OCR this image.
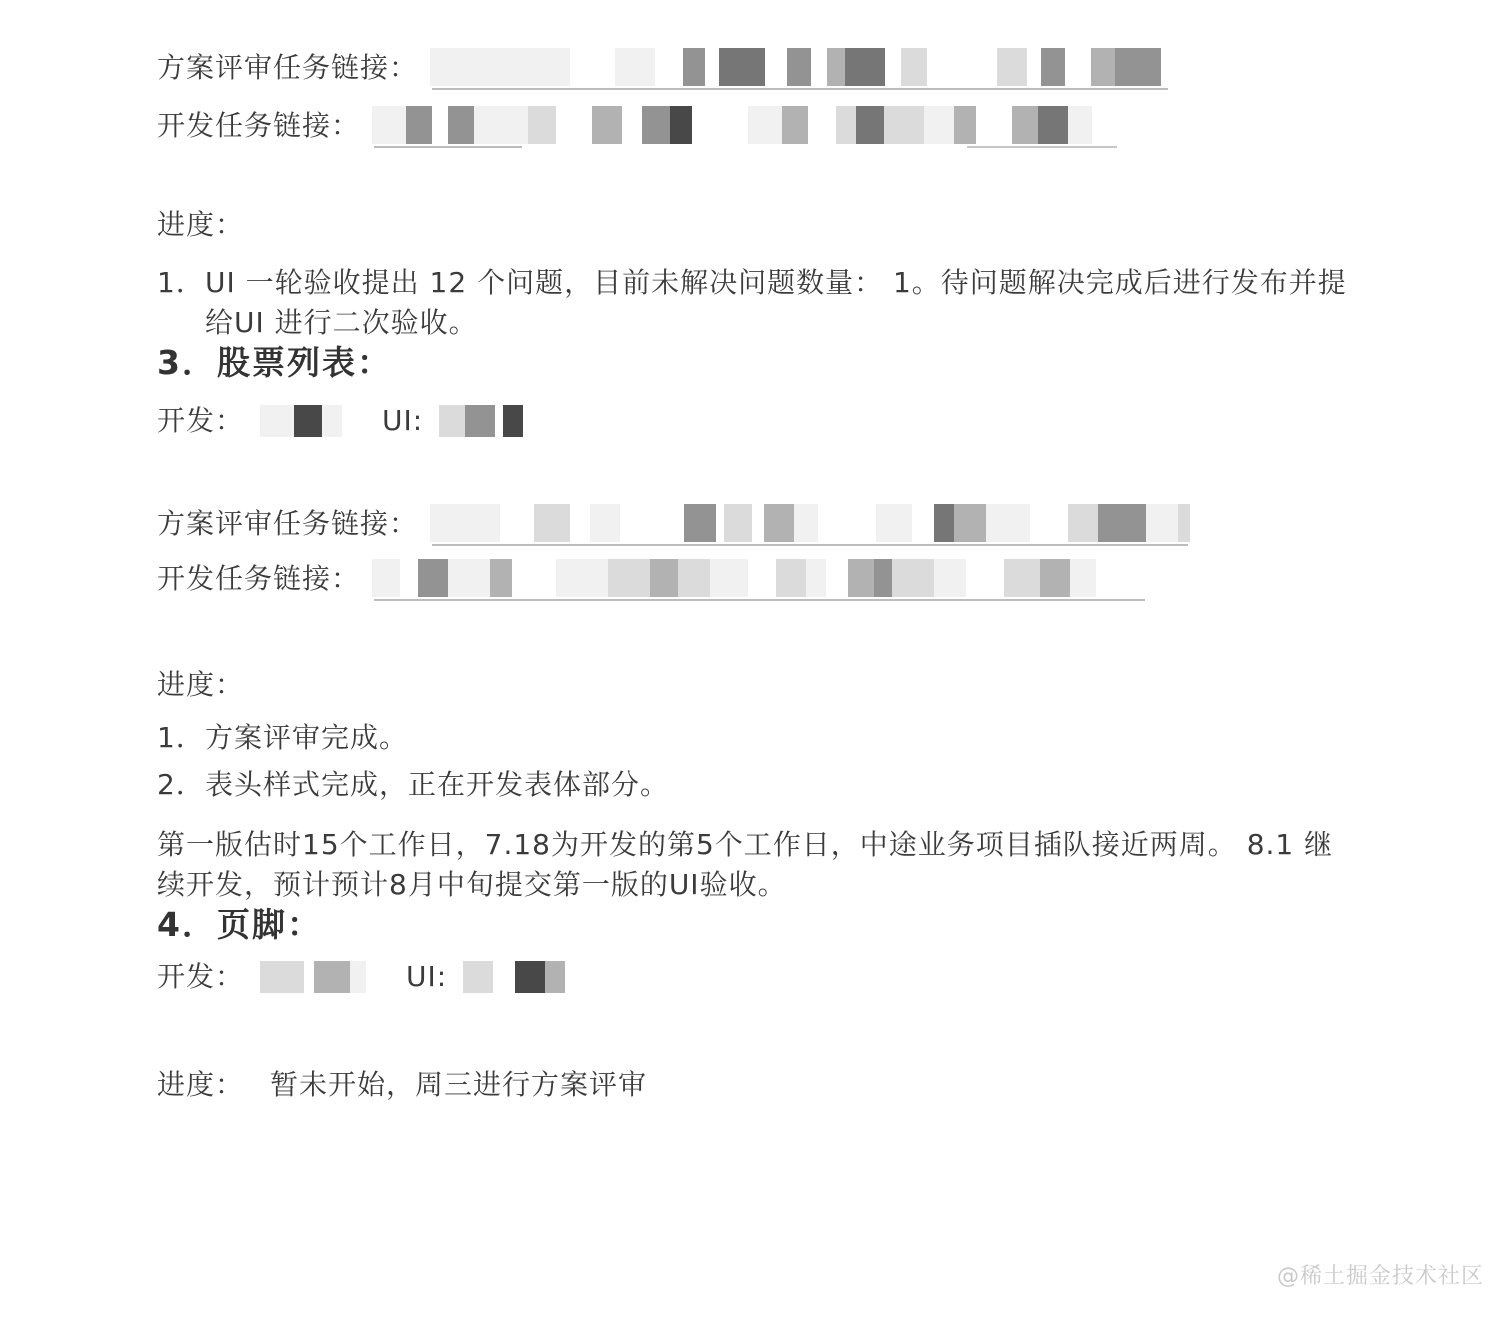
方案评审任务链接：
开发任务链接：
进度：
1． UI 一轮验收提出 12 个问题，目前未解决问题数量： 1。待问题解决完成后进行发布并提给UI 进行二次验收。
3．股票列表：
开发：	UI:
方案评审任务链接：
开发任务链接：
进度：
1． 方案评审完成。
2． 表头样式完成，正在开发表体部分。
第一版估时15个工作日，7.18为开发的第5个工作日，中途业务项目插队接近两周。 8.1 继续开发，预计预计8月中旬提交第一版的UI验收。
4．页脚：
开发：	UI:
进度： 暂未开始，周三进行方案评审
@稀土掘金技术社区
